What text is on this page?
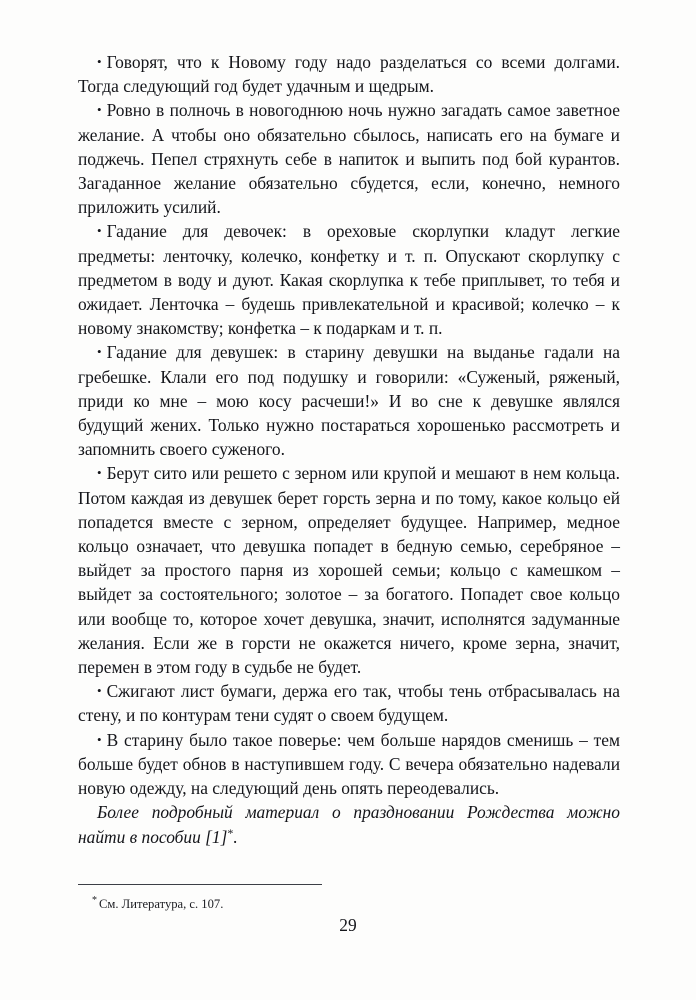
• Говорят, что к Новому году надо разделаться со всеми долгами. Тогда следующий год будет удачным и щедрым.

• Ровно в полночь в новогоднюю ночь нужно загадать самое заветное желание. А чтобы оно обязательно сбылось, написать его на бумаге и поджечь. Пепел стряхнуть себе в напиток и выпить под бой курантов. Загаданное желание обязательно сбудется, если, конечно, немного приложить усилий.

• Гадание для девочек: в ореховые скорлупки кладут легкие предметы: ленточку, колечко, конфетку и т. п. Опускают скорлупку с предметом в воду и дуют. Какая скорлупка к тебе приплывет, то тебя и ожидает. Ленточка – будешь привлекательной и красивой; колечко – к новому знакомству; конфетка – к подаркам и т. п.

• Гадание для девушек: в старину девушки на выданье гадали на гребешке. Клали его под подушку и говорили: «Суженый, ряженый, приди ко мне – мою косу расчеши!» И во сне к девушке являлся будущий жених. Только нужно постараться хорошенько рассмотреть и запомнить своего суженого.

• Берут сито или решето с зерном или крупой и мешают в нем кольца. Потом каждая из девушек берет горсть зерна и по тому, какое кольцо ей попадется вместе с зерном, определяет будущее. Например, медное кольцо означает, что девушка попадет в бедную семью, серебряное – выйдет за простого парня из хорошей семьи; кольцо с камешком – выйдет за состоятельного; золотое – за богатого. Попадет свое кольцо или вообще то, которое хочет девушка, значит, исполнятся задуманные желания. Если же в горсти не окажется ничего, кроме зерна, значит, перемен в этом году в судьбе не будет.

• Сжигают лист бумаги, держа его так, чтобы тень отбрасывалась на стену, и по контурам тени судят о своем будущем.

• В старину было такое поверье: чем больше нарядов сменишь – тем больше будет обнов в наступившем году. С вечера обязательно надевали новую одежду, на следующий день опять переодевались.

Более подробный материал о праздновании Рождества можно найти в пособии [1]*.

* См. Литература, с. 107.

29
